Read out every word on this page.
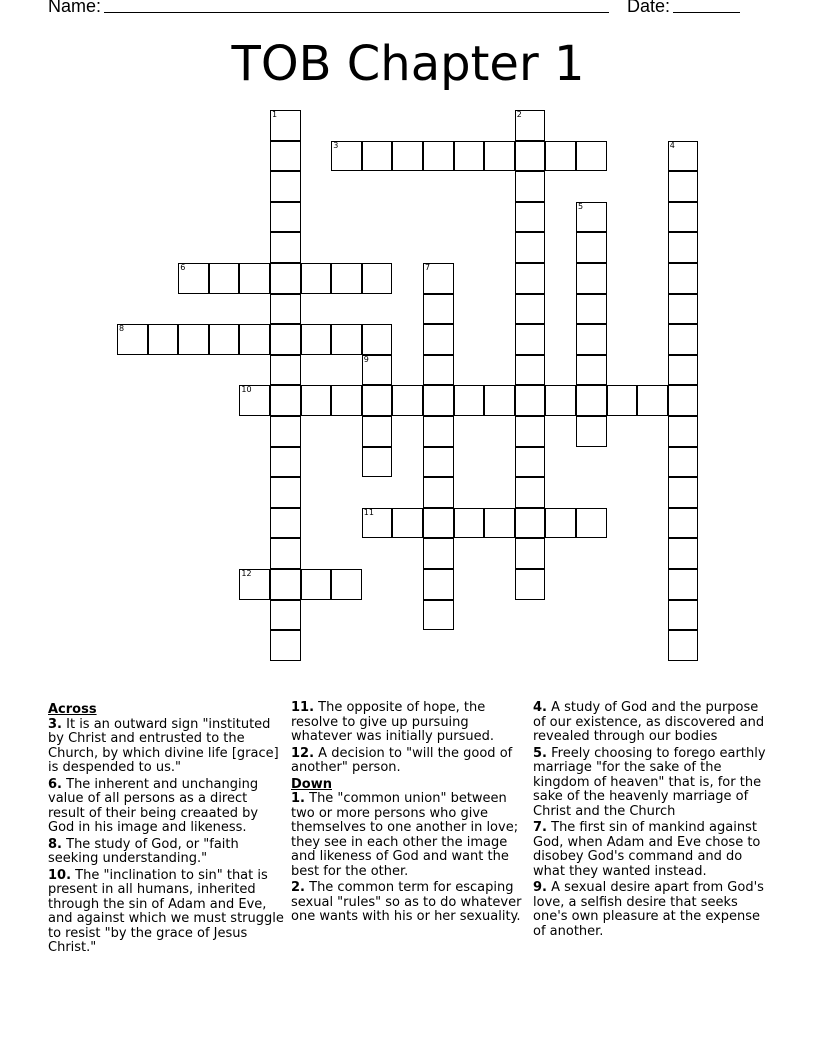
Name:	Date:
TOB Chapter 1
1	2
3	4
5
6	7
8
9
10
11
12
Across
3. It is an outward sign "instituted by Christ and entrusted to the Church, by which divine life [grace] is despended to us."
6. The inherent and unchanging value of all persons as a direct result of their being creaated by God in his image and likeness.
8. The study of God, or "faith seeking understanding."
10. The "inclination to sin" that is present in all humans, inherited through the sin of Adam and Eve, and against which we must struggle to resist "by the grace of Jesus Christ."
11. The opposite of hope, the resolve to give up pursuing whatever was initially pursued.
12. A decision to "will the good of another" person.
Down
1. The "common union" between two or more persons who give themselves to one another in love; they see in each other the image and likeness of God and want the best for the other.
2. The common term for escaping sexual "rules" so as to do whatever one wants with his or her sexuality.
4. A study of God and the purpose of our existence, as discovered and revealed through our bodies
5. Freely choosing to forego earthly marriage "for the sake of the kingdom of heaven" that is, for the sake of the heavenly marriage of Christ and the Church
7. The first sin of mankind against God, when Adam and Eve chose to disobey God's command and do what they wanted instead.
9. A sexual desire apart from God's love, a selfish desire that seeks one's own pleasure at the expense of another.
